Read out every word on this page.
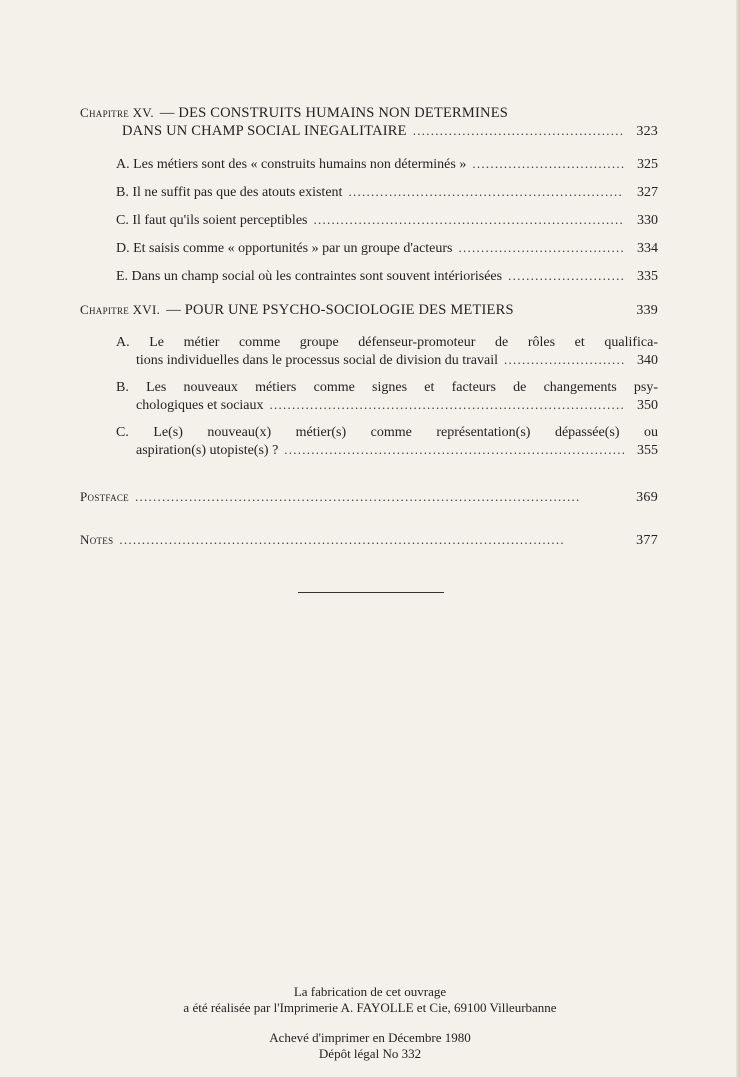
Chapitre XV. — DES CONSTRUITS HUMAINS NON DETERMINES
DANS UN CHAMP SOCIAL INEGALITAIRE . . .	323
A. Les métiers sont des « construits humains non déterminés » . . .	325
B. Il ne suffit pas que des atouts existent . . .	327
C. Il faut qu'ils soient perceptibles . . .	330
D. Et saisis comme « opportunités » par un groupe d'acteurs . . .	334
E. Dans un champ social où les contraintes sont souvent intériorisées . . .	335
Chapitre XVI. — POUR UNE PSYCHO-SOCIOLOGIE DES METIERS	339
A. Le métier comme groupe défenseur-promoteur de rôles et qualifica-
tions individuelles dans le processus social de division du travail . . .	340
B. Les nouveaux métiers comme signes et facteurs de changements psy-
chologiques et sociaux . . .	350
C. Le(s) nouveau(x) métier(s) comme représentation(s) dépassée(s) ou
aspiration(s) utopiste(s) ? . . .	355
Postface . . .	369
Notes . . .	377
La fabrication de cet ouvrage
a été réalisée par l'Imprimerie A. FAYOLLE et Cie, 69100 Villeurbanne
Achevé d'imprimer en Décembre 1980
Dépôt légal No 332
